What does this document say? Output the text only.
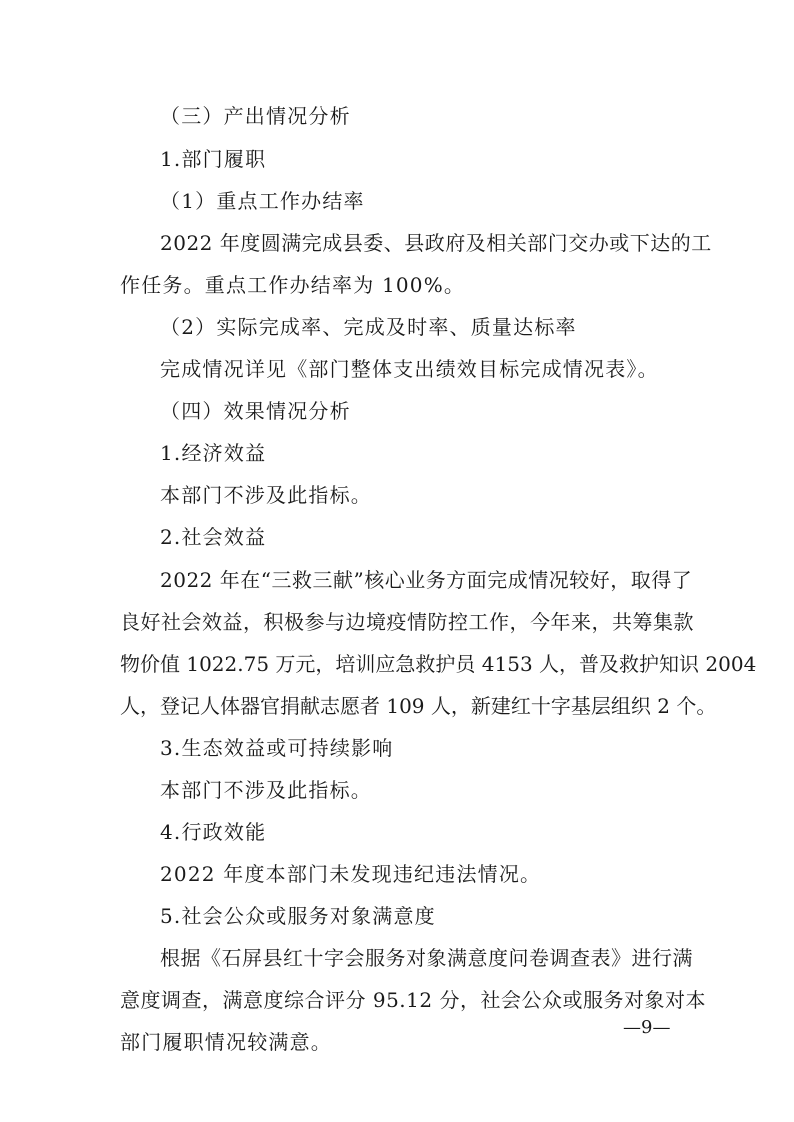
（三）产出情况分析
1.部门履职
（1）重点工作办结率
2022 年度圆满完成县委、县政府及相关部门交办或下达的工
作任务。重点工作办结率为 100%。
（2）实际完成率、完成及时率、质量达标率
完成情况详见《部门整体支出绩效目标完成情况表》。
（四）效果情况分析
1.经济效益
本部门不涉及此指标。
2.社会效益
2022 年在“三救三献”核心业务方面完成情况较好，取得了
良好社会效益，积极参与边境疫情防控工作，今年来，共筹集款
物价值 1022.75 万元，培训应急救护员 4153 人，普及救护知识 2004
人，登记人体器官捐献志愿者 109 人，新建红十字基层组织 2 个。
3.生态效益或可持续影响
本部门不涉及此指标。
4.行政效能
2022 年度本部门未发现违纪违法情况。
5.社会公众或服务对象满意度
根据《石屏县红十字会服务对象满意度问卷调查表》进行满
意度调查，满意度综合评分 95.12 分，社会公众或服务对象对本
部门履职情况较满意。
—9—
